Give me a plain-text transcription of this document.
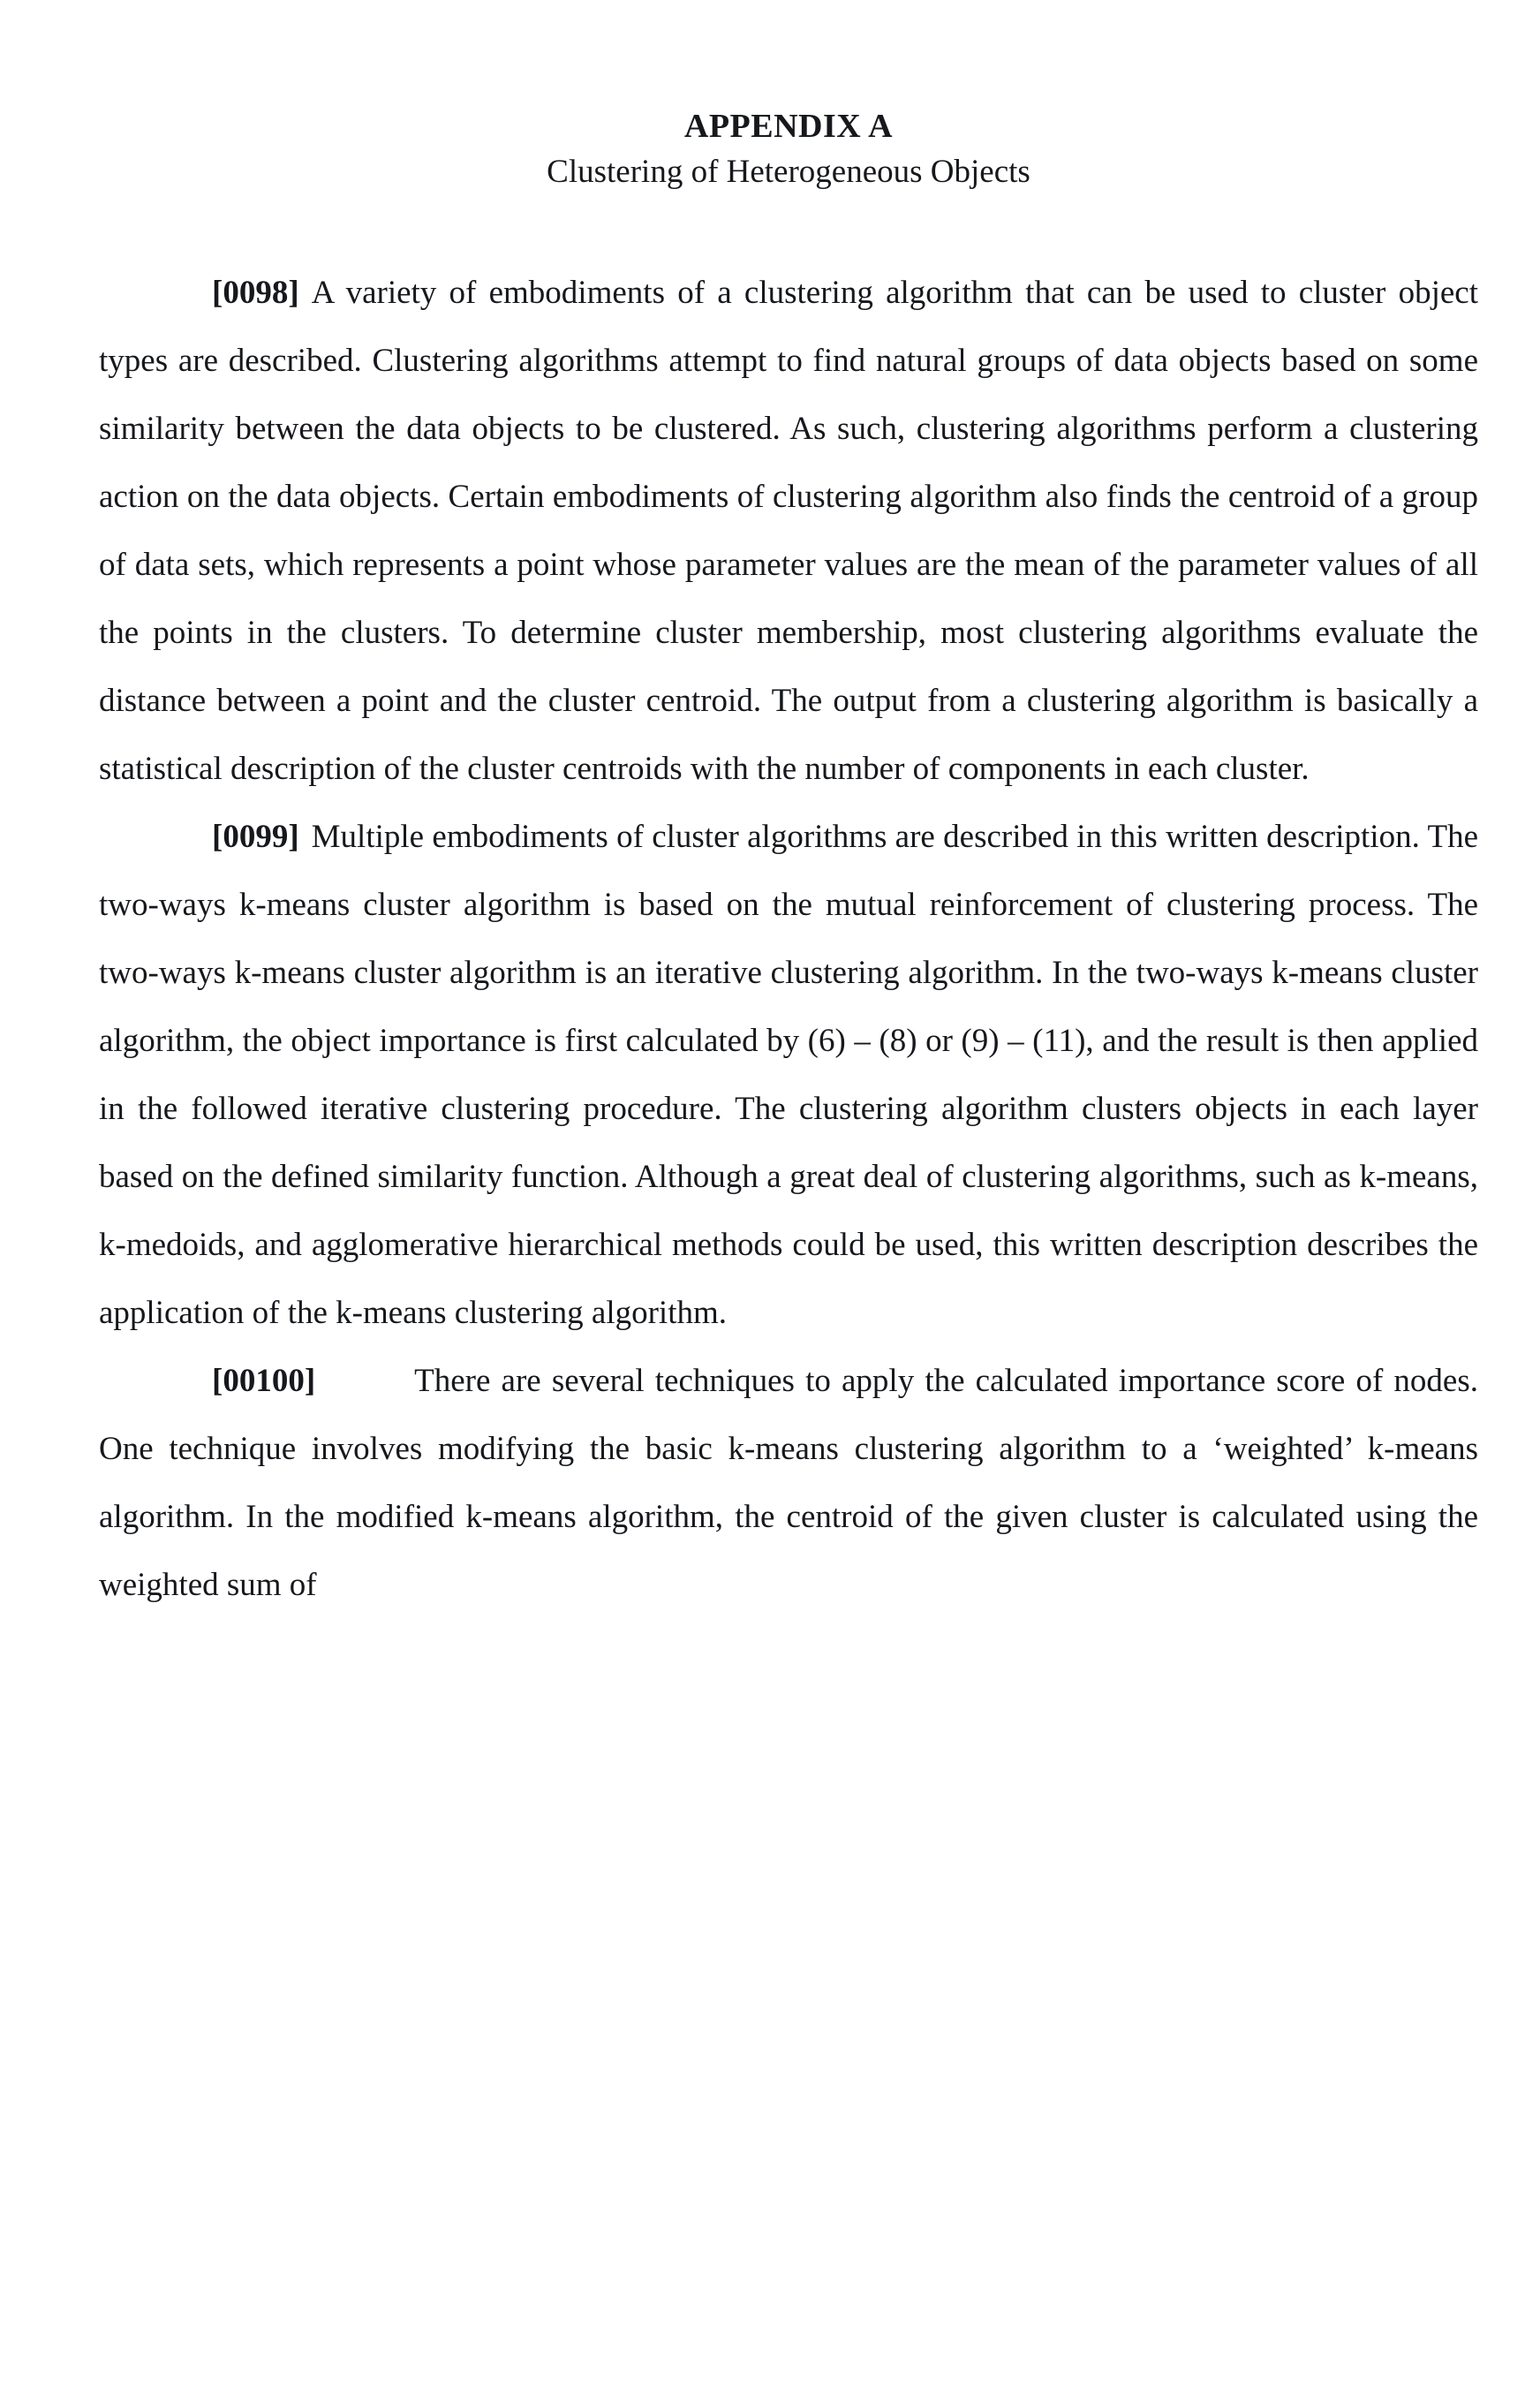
APPENDIX A
Clustering of Heterogeneous Objects

[0098] A variety of embodiments of a clustering algorithm that can be used to cluster object types are described. Clustering algorithms attempt to find natural groups of data objects based on some similarity between the data objects to be clustered. As such, clustering algorithms perform a clustering action on the data objects. Certain embodiments of clustering algorithm also finds the centroid of a group of data sets, which represents a point whose parameter values are the mean of the parameter values of all the points in the clusters. To determine cluster membership, most clustering algorithms evaluate the distance between a point and the cluster centroid. The output from a clustering algorithm is basically a statistical description of the cluster centroids with the number of components in each cluster.

[0099] Multiple embodiments of cluster algorithms are described in this written description. The two-ways k-means cluster algorithm is based on the mutual reinforcement of clustering process. The two-ways k-means cluster algorithm is an iterative clustering algorithm. In the two-ways k-means cluster algorithm, the object importance is first calculated by (6) – (8) or (9) – (11), and the result is then applied in the followed iterative clustering procedure. The clustering algorithm clusters objects in each layer based on the defined similarity function. Although a great deal of clustering algorithms, such as k-means, k-medoids, and agglomerative hierarchical methods could be used, this written description describes the application of the k-means clustering algorithm.

[00100]	There are several techniques to apply the calculated importance score of nodes. One technique involves modifying the basic k-means clustering algorithm to a ‘weighted’ k-means algorithm. In the modified k-means algorithm, the centroid of the given cluster is calculated using the weighted sum of
